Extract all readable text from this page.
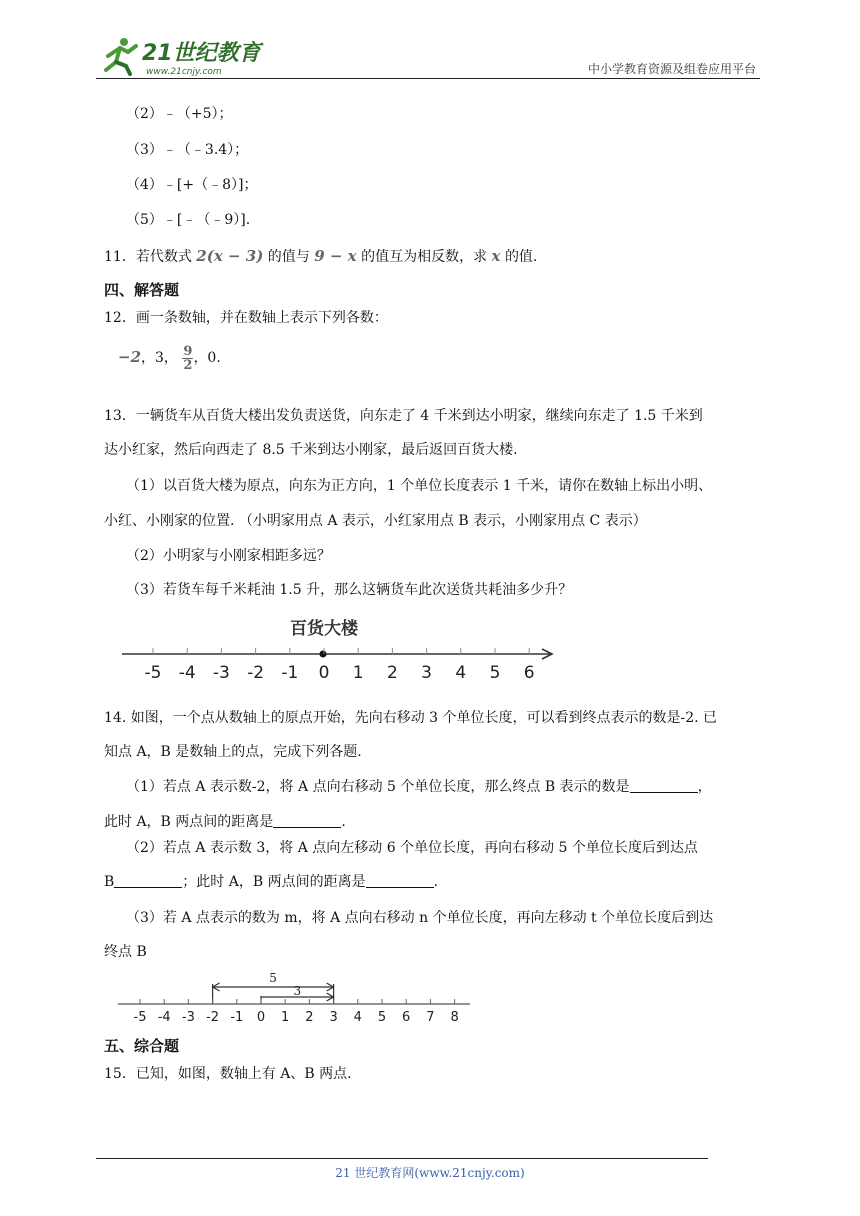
21世纪教育
www.21cnjy.com	中小学教育资源及组卷应用平台
（2）﹣（+5）；
（3）﹣（﹣3.4）；
（4）﹣[+（﹣8）]；
（5）﹣[﹣（﹣9）].
11．若代数式 2(x − 3) 的值与 9 − x 的值互为相反数，求 x 的值.
四、解答题
12．画一条数轴，并在数轴上表示下列各数：
−2，3， $\frac{9}{2}$ ，0.
13．一辆货车从百货大楼出发负责送货，向东走了 4 千米到达小明家，继续向东走了 1.5 千米到
达小红家，然后向西走了 8.5 千米到达小刚家，最后返回百货大楼.
（1）以百货大楼为原点，向东为正方向，1 个单位长度表示 1 千米，请你在数轴上标出小明、
小红、小刚家的位置. （小明家用点 A 表示，小红家用点 B 表示，小刚家用点 C 表示）
（2）小明家与小刚家相距多远？
（3）若货车每千米耗油 1.5 升，那么这辆货车此次送货共耗油多少升？
百货大楼
-5 -4 -3 -2 -1 0 1 2 3 4 5 6
14. 如图，一个点从数轴上的原点开始，先向右移动 3 个单位长度，可以看到终点表示的数是-2. 已
知点 A，B 是数轴上的点，完成下列各题.
（1）若点 A 表示数-2，将 A 点向右移动 5 个单位长度，那么终点 B 表示的数是	，
此时 A，B 两点间的距离是	.
（2）若点 A 表示数 3，将 A 点向左移动 6 个单位长度，再向右移动 5 个单位长度后到达点
B	；此时 A，B 两点间的距离是	.
（3）若 A 点表示的数为 m，将 A 点向右移动 n 个单位长度，再向左移动 t 个单位长度后到达
终点 B
5
3
-5 -4 -3 -2 -1 0 1 2 3 4 5 6 7 8
五、综合题
15．已知，如图，数轴上有 A、B 两点.
21 世纪教育网(www.21cnjy.com)
